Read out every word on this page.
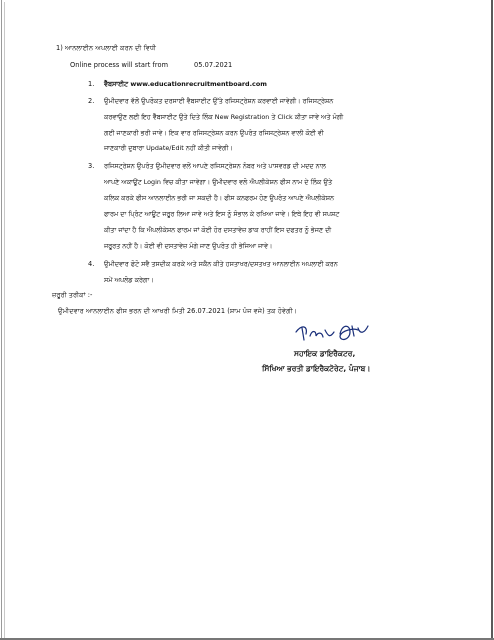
1) ਆਨਲਾਈਨ ਅਪਲਾਈ ਕਰਨ ਦੀ ਵਿਧੀ
Online process will start from	05.07.2021
1. ਵੈੱਬਸਾਈਟ www.educationrecruitmentboard.com
2. ਉਮੀਦਵਾਰ ਵੱਲੋਂ ਉਪਰੋਕਤ ਦਰਸਾਈ ਵੈਬਸਾਈਟ ਉੱਤੇ ਰਜਿਸਟ੍ਰੇਸ਼ਨ ਕਰਵਾਈ ਜਾਵੇਗੀ। ਰਜਿਸਟ੍ਰੇਸ਼ਨ
ਕਰਵਾਉਣ ਲਈ ਇਹ ਵੈੱਬਸਾਈਟ ਉਤੇ ਦਿਤੇ ਲਿੰਕ New Registration ਤੇ Click ਕੀਤਾ ਜਾਵੇ ਅਤੇ ਮੰਗੀ
ਗਈ ਜਾਣਕਾਰੀ ਭਰੀ ਜਾਵੇ। ਇਕ ਵਾਰ ਰਜਿਸਟ੍ਰੇਸ਼ਨ ਕਰਨ ਉਪਰੰਤ ਰਜਿਸਟ੍ਰੇਸ਼ਨ ਵਾਲੀ ਕੋਈ ਵੀ
ਜਾਣਕਾਰੀ ਦੁਬਾਰਾ Update/Edit ਨਹੀਂ ਕੀਤੀ ਜਾਵੇਗੀ।
3. ਰਜਿਸਟ੍ਰੇਸ਼ਨ ਉਪਰੰਤ ਉਮੀਦਵਾਰ ਵਲੋਂ ਆਪਣੇ ਰਜਿਸਟ੍ਰੇਸ਼ਨ ਨੰਬਰ ਅਤੇ ਪਾਸਵਰਡ ਦੀ ਮਦਦ ਨਾਲ
ਆਪਣੇ ਅਕਾਊਂਟ Login ਵਿਚ ਕੀਤਾ ਜਾਵੇਗਾ। ਉਮੀਦਵਾਰ ਵਲੋ ਐਪਲੀਕੇਸ਼ਨ ਫੀਸ ਨਾਮ ਦੇ ਲਿੰਕ ਉਤੇ
ਕਲਿਕ ਕਰਕੇ ਫੀਸ ਆਨਲਾਈਨ ਭਰੀ ਜਾ ਸਕਦੀ ਹੈ। ਫੀਸ ਕਨਫਰਮ ਹੋਣ ਉਪਰੰਤ ਆਪਣੇ ਐਪਲੀਕੇਸ਼ਨ
ਫਾਰਮ ਦਾ ਪ੍ਰਿੰਟ ਆਊਟ ਜਰੂਰ ਲਿਆ ਜਾਵੇ ਅਤੇ ਇਸ ਨੂੰ ਸੰਭਾਲ ਕੇ ਰਖਿਆ ਜਾਵੇ। ਇਥੇ ਇਹ ਵੀ ਸਪਸ਼ਟ
ਕੀਤਾ ਜਾਂਦਾ ਹੈ ਕਿ ਐਪਲੀਕੇਸ਼ਨ ਫਾਰਮ ਜਾਂ ਕੋਈ ਹੋਰ ਦਸਤਾਵੇਜ਼ ਡਾਕ ਰਾਹੀਂ ਇਸ ਦਫਤਰ ਨੂੰ ਭੇਜਣ ਦੀ
ਜਰੂਰਤ ਨਹੀਂ ਹੈ। ਕੋਈ ਵੀ ਦਸਤਾਵੇਜ਼ ਮੰਗੇ ਜਾਣ ਉਪਰੰਤ ਹੀ ਭੇਜਿਆ ਜਾਵੇ।
4. ਉਮੀਦਵਾਰ ਫੋਟੋ ਸਵੈ ਤਸਦੀਕ ਕਰਕੇ ਅਤੇ ਸਕੈਨ ਕੀਤੇ ਹਸਤਾਖਰ/ਦਸਤਖਤ ਆਨਲਾਈਨ ਅਪਲਾਈ ਕਰਨ
ਸਮੇਂ ਅਪਲੋਡ ਕਰੇਗਾ।
ਜ਼ਰੂਰੀ ਤਰੀਕਾਂ :-
ਉਮੀਦਵਾਰ ਆਨਲਾਈਨ ਫੀਸ ਭਰਨ ਦੀ ਆਖਰੀ ਮਿਤੀ 26.07.2021 (ਸ਼ਾਮ ਪੰਜ ਵਜੇ) ਤਕ ਹੋਵੇਗੀ।
ਸਹਾਇਕ ਡਾਇਰੈਕਟਰ,
ਸਿੱਖਿਆ ਭਰਤੀ ਡਾਇਰੈਕਟੋਰੇਟ, ਪੰਜਾਬ।
